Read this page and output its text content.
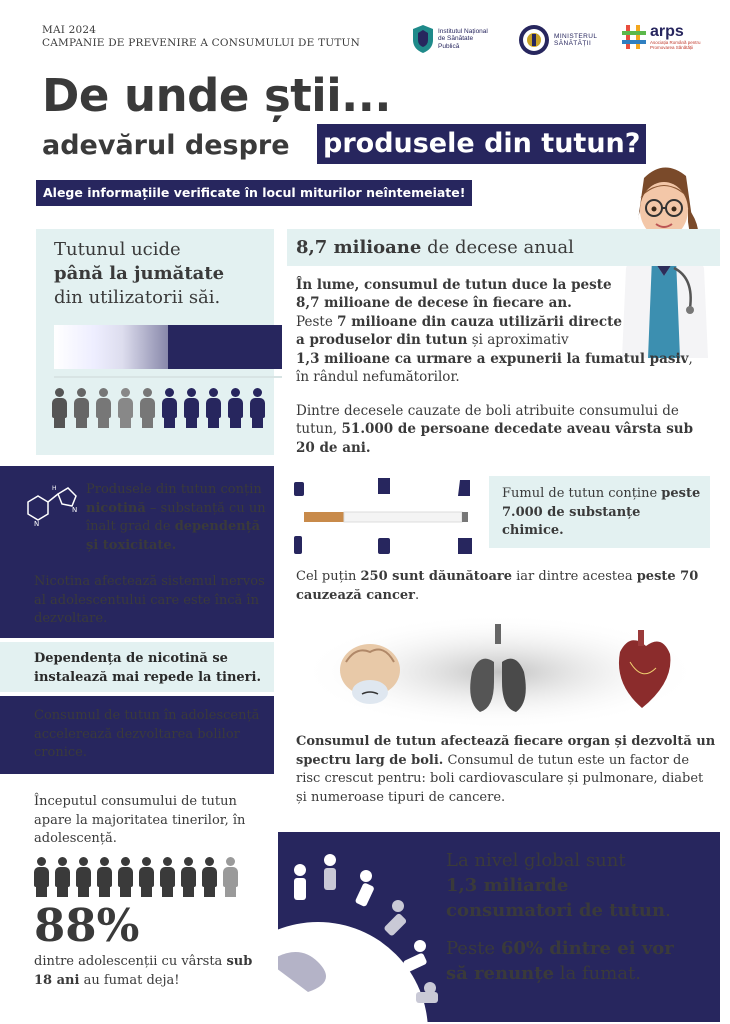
MAI 2024
CAMPANIE DE PREVENIRE A CONSUMULUI DE TUTUN
Institutul Național de Sănătate Publică
MINISTERUL SĂNĂTĂȚII
arps
Asociația Română pentru Promovarea Sănătății
De unde știi...
adevărul despre produsele din tutun?
Alege informațiile verificate în locul miturilor neîntemeiate!
Tutunul ucide
până la jumătate
din utilizatorii săi.
8,7 milioane de decese anual
În lume, consumul de tutun duce la peste
8,7 milioane de decese în fiecare an.
Peste 7 milioane din cauza utilizării directe
a produselor din tutun și aproximativ
1,3 milioane ca urmare a expunerii la fumatul pasiv,
în rândul nefumătorilor.
Dintre decesele cauzate de boli atribuite consumului de tutun, 51.000 de persoane decedate aveau vârsta sub 20 de ani.
N
N
H Produsele din tutun conțin nicotină – substanță cu un înalt grad de dependență și toxicitate.
Nicotina afectează sistemul nervos al adolescentului care este încă în dezvoltare.
Dependența de nicotină se instalează mai repede la tineri.
Consumul de tutun în adolescență accelerează dezvoltarea bolilor cronice.
Fumul de tutun conține peste 7.000 de substanțe chimice.
Cel puțin 250 sunt dăunătoare iar dintre acestea peste 70 cauzează cancer.
Consumul de tutun afectează fiecare organ și dezvoltă un spectru larg de boli. Consumul de tutun este un factor de risc crescut pentru: boli cardiovasculare și pulmonare, diabet și numeroase tipuri de cancere.
Începutul consumului de tutun apare la majoritatea tinerilor, în adolescență.
88%
dintre adolescenții cu vârsta sub 18 ani au fumat deja!
La nivel global sunt
1,3 miliarde
consumatori de tutun.
Peste 60% dintre ei vor
să renunțe la fumat.
